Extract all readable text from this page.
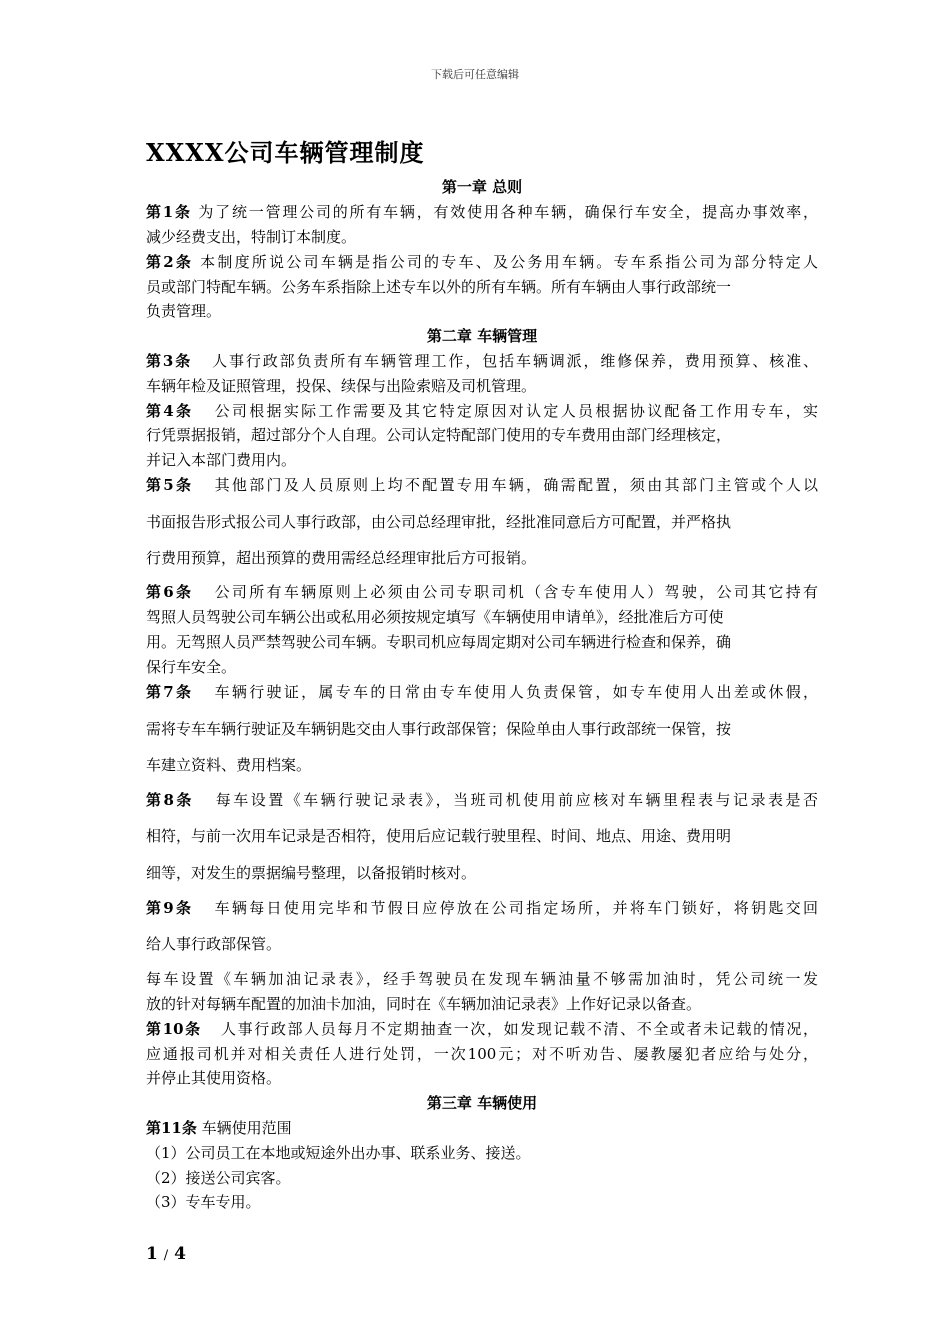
下载后可任意编辑
XXXX公司车辆管理制度
第一章 总则
第1条 为了统一管理公司的所有车辆，有效使用各种车辆，确保行车安全，提高办事效率，
减少经费支出，特制订本制度。
第2条 本制度所说公司车辆是指公司的专车、及公务用车辆。专车系指公司为部分特定人
员或部门特配车辆。公务车系指除上述专车以外的所有车辆。所有车辆由人事行政部统一
负责管理。
第二章 车辆管理
第3条 人事行政部负责所有车辆管理工作，包括车辆调派，维修保养，费用预算、核准、
车辆年检及证照管理，投保、续保与出险索赔及司机管理。
第4条 公司根据实际工作需要及其它特定原因对认定人员根据协议配备工作用专车，实
行凭票据报销，超过部分个人自理。公司认定特配部门使用的专车费用由部门经理核定，
并记入本部门费用内。
第5条 其他部门及人员原则上均不配置专用车辆，确需配置，须由其部门主管或个人以
书面报告形式报公司人事行政部，由公司总经理审批，经批准同意后方可配置，并严格执
行费用预算，超出预算的费用需经总经理审批后方可报销。
第6条 公司所有车辆原则上必须由公司专职司机（含专车使用人）驾驶，公司其它持有
驾照人员驾驶公司车辆公出或私用必须按规定填写《车辆使用申请单》，经批准后方可使
用。无驾照人员严禁驾驶公司车辆。专职司机应每周定期对公司车辆进行检查和保养，确
保行车安全。
第7条 车辆行驶证，属专车的日常由专车使用人负责保管，如专车使用人出差或休假，
需将专车车辆行驶证及车辆钥匙交由人事行政部保管；保险单由人事行政部统一保管，按
车建立资料、费用档案。
第8条 每车设置《车辆行驶记录表》，当班司机使用前应核对车辆里程表与记录表是否
相符，与前一次用车记录是否相符，使用后应记载行驶里程、时间、地点、用途、费用明
细等，对发生的票据编号整理，以备报销时核对。
第9条 车辆每日使用完毕和节假日应停放在公司指定场所，并将车门锁好，将钥匙交回
给人事行政部保管。
每车设置《车辆加油记录表》，经手驾驶员在发现车辆油量不够需加油时，凭公司统一发
放的针对每辆车配置的加油卡加油，同时在《车辆加油记录表》上作好记录以备查。
第10条 人事行政部人员每月不定期抽查一次，如发现记载不清、不全或者未记载的情况，
应通报司机并对相关责任人进行处罚，一次100元；对不听劝告、屡教屡犯者应给与处分，
并停止其使用资格。
第三章 车辆使用
第11条 车辆使用范围
（1）公司员工在本地或短途外出办事、联系业务、接送。
（2）接送公司宾客。
（3）专车专用。
1 / 4
